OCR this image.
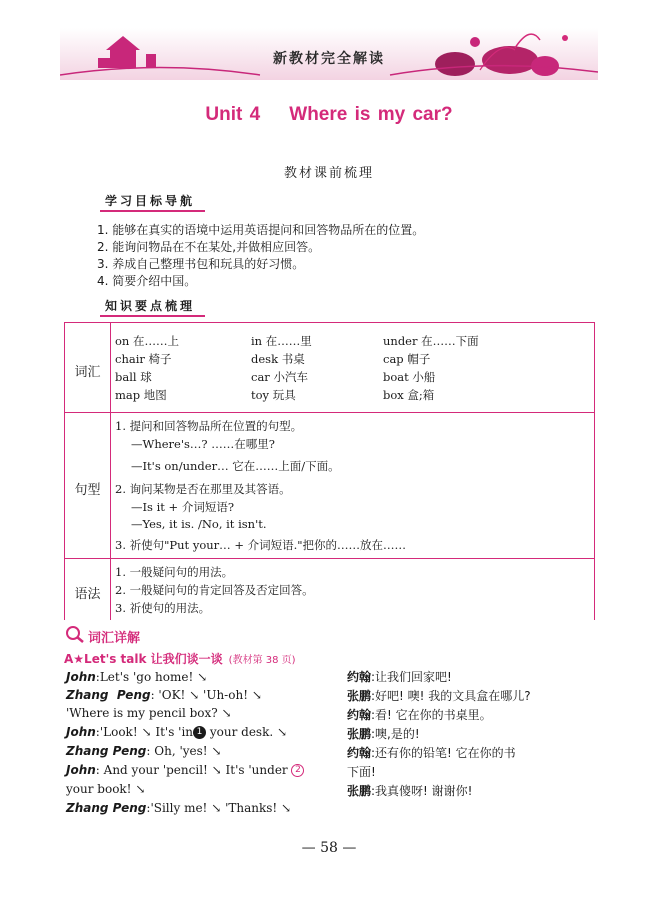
新教材完全解读
Unit 4    Where is my car?
教材课前梳理
学习目标导航
1. 能够在真实的语境中运用英语提问和回答物品所在的位置。
2. 能询问物品在不在某处,并做相应回答。
3. 养成自己整理书包和玩具的好习惯。
4. 简要介绍中国。
知识要点梳理
词汇
on 在……上	in 在……里	under 在……下面
chair 椅子	desk 书桌	cap 帽子
ball 球	car 小汽车	boat 小船
map 地图	toy 玩具	box 盒;箱
句型
1. 提问和回答物品所在位置的句型。
—Where's…? ……在哪里?
—It's on/under… 它在……上面/下面。
2. 询问某物是否在那里及其答语。
—Is it + 介词短语?
—Yes, it is. /No, it isn't.
3. 祈使句"Put your… + 介词短语."把你的……放在……
语法
1. 一般疑问句的用法。
2. 一般疑问句的肯定回答及否定回答。
3. 祈使句的用法。
词汇详解
A★Let's talk 让我们谈一谈 (教材第 38 页)
John:Let's 'go home! ↘
Zhang  Peng: 'OK! ↘ 'Uh-oh! ↘
'Where is my pencil box? ↘
John:'Look! ↘ It's 'in 1 your desk. ↘
Zhang Peng: Oh, 'yes! ↘
John: And your 'pencil! ↘ It's 'under 2
your book! ↘
Zhang Peng:'Silly me! ↘ 'Thanks! ↘
约翰:让我们回家吧!
张鹏:好吧! 噢! 我的文具盒在哪儿?
约翰:看! 它在你的书桌里。
张鹏:噢,是的!
约翰:还有你的铅笔! 它在你的书
下面!
张鹏:我真傻呀! 谢谢你!
— 58 —
